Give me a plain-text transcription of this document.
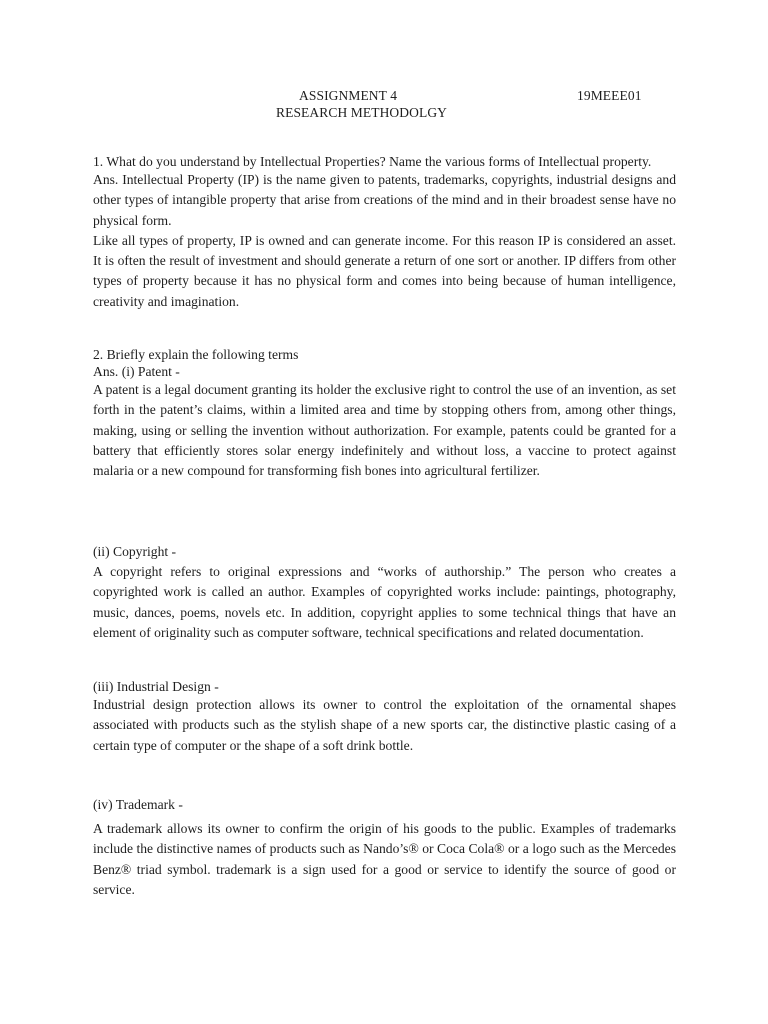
ASSIGNMENT 4	19MEEE01
RESEARCH METHODOLGY

1. What do you understand by Intellectual Properties? Name the various forms of Intellectual property.

Ans. Intellectual Property (IP) is the name given to patents, trademarks, copyrights, industrial designs and other types of intangible property that arise from creations of the mind and in their broadest sense have no physical form.

Like all types of property, IP is owned and can generate income. For this reason IP is considered an asset. It is often the result of investment and should generate a return of one sort or another. IP differs from other types of property because it has no physical form and comes into being because of human intelligence, creativity and imagination.

2. Briefly explain the following terms

Ans. (i) Patent -

A patent is a legal document granting its holder the exclusive right to control the use of an invention, as set forth in the patent’s claims, within a limited area and time by stopping others from, among other things, making, using or selling the invention without authorization. For example, patents could be granted for a battery that efficiently stores solar energy indefinitely and without loss, a vaccine to protect against malaria or a new compound for transforming fish bones into agricultural fertilizer.

(ii) Copyright -

A copyright refers to original expressions and “works of authorship.” The person who creates a copyrighted work is called an author. Examples of copyrighted works include: paintings, photography, music, dances, poems, novels etc. In addition, copyright applies to some technical things that have an element of originality such as computer software, technical specifications and related documentation.

(iii) Industrial Design -

Industrial design protection allows its owner to control the exploitation of the ornamental shapes associated with products such as the stylish shape of a new sports car, the distinctive plastic casing of a certain type of computer or the shape of a soft drink bottle.

(iv) Trademark -

A trademark allows its owner to confirm the origin of his goods to the public. Examples of trademarks include the distinctive names of products such as Nando’s® or Coca Cola® or a logo such as the Mercedes Benz® triad symbol. trademark is a sign used for a good or service to identify the source of good or service.
